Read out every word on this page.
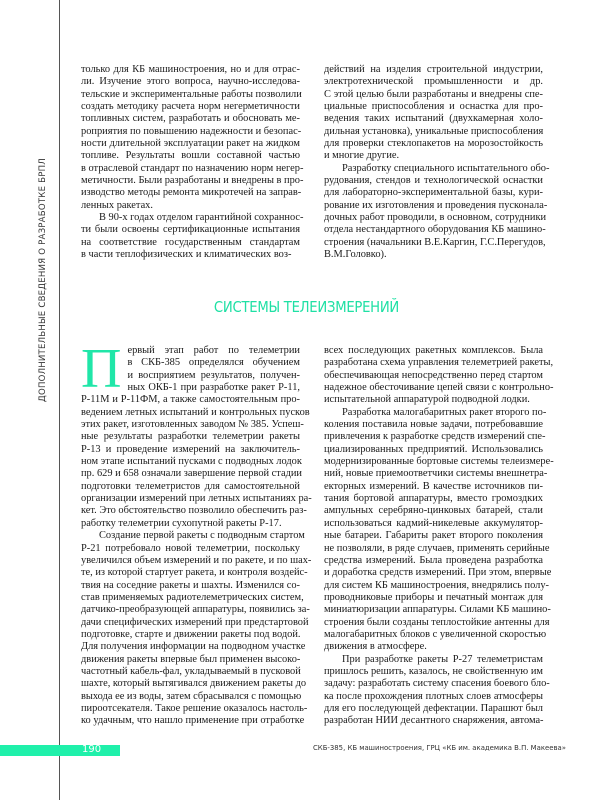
ДОПОЛНИТЕЛЬНЫЕ СВЕДЕНИЯ О РАЗРАБОТКЕ БРПЛ
только для КБ машиностроения, но и для отрас-
ли. Изучение этого вопроса, научно-исследова-
тельские и экспериментальные работы позволили
создать методику расчета норм негерметичности
топливных систем, разработать и обосновать ме-
роприятия по повышению надежности и безопас-
ности длительной эксплуатации ракет на жидком
топливе. Результаты вошли составной частью
в отраслевой стандарт по назначению норм негер-
метичности. Были разработаны и внедрены в про-
изводство методы ремонта микротечей на заправ-
ленных ракетах.
В 90-х годах отделом гарантийной сохраннос-
ти были освоены сертификационные испытания
на соответствие государственным стандартам
в части теплофизических и климатических воз-
действий на изделия строительной индустрии,
электротехнической промышленности и др.
С этой целью были разработаны и внедрены спе-
циальные приспособления и оснастка для про-
ведения таких испытаний (двухкамерная холо-
дильная установка), уникальные приспособления
для проверки стеклопакетов на морозостойкость
и многие другие.
Разработку специального испытательного обо-
рудования, стендов и технологической оснастки
для лабораторно-экспериментальной базы, кури-
рование их изготовления и проведения пусконала-
дочных работ проводили, в основном, сотрудники
отдела нестандартного оборудования КБ машино-
строения (начальники В.Е.Каргин, Г.С.Перегудов,
В.М.Головко).
СИСТЕМЫ ТЕЛЕИЗМЕРЕНИЙ
П ервый этап работ по телеметрии
в СКБ-385 определялся обучением
и восприятием результатов, получен-
ных ОКБ-1 при разработке ракет Р-11,
Р-11М и Р-11ФМ, а также самостоятельным про-
ведением летных испытаний и контрольных пусков
этих ракет, изготовленных заводом № 385. Успеш-
ные результаты разработки телеметрии ракеты
Р-13 и проведение измерений на заключитель-
ном этапе испытаний пусками с подводных лодок
пр. 629 и 658 означали завершение первой стадии
подготовки телеметристов для самостоятельной
организации измерений при летных испытаниях ра-
кет. Это обстоятельство позволило обеспечить раз-
работку телеметрии сухопутной ракеты Р-17.
Создание первой ракеты с подводным стартом
Р-21 потребовало новой телеметрии, поскольку
увеличился объем измерений и по ракете, и по шах-
те, из которой стартует ракета, и контроля воздейс-
твия на соседние ракеты и шахты. Изменился со-
став применяемых радиотелеметрических систем,
датчико-преобразующей аппаратуры, появились за-
дачи специфических измерений при предстартовой
подготовке, старте и движении ракеты под водой.
Для получения информации на подводном участке
движения ракеты впервые был применен высоко-
частотный кабель-фал, укладываемый в пусковой
шахте, который вытягивался движением ракеты до
выхода ее из воды, затем сбрасывался с помощью
пироотсекателя. Такое решение оказалось настоль-
ко удачным, что нашло применение при отработке
всех последующих ракетных комплексов. Была
разработана схема управления телеметрией ракеты,
обеспечивающая непосредственно перед стартом
надежное обесточивание цепей связи с контрольно-
испытательной аппаратурой подводной лодки.
Разработка малогабаритных ракет второго по-
коления поставила новые задачи, потребовавшие
привлечения к разработке средств измерений спе-
циализированных предприятий. Использовались
модернизированные бортовые системы телеизмере-
ний, новые приемоответчики системы внешнетра-
екторных измерений. В качестве источников пи-
тания бортовой аппаратуры, вместо громоздких
ампульных серебряно-цинковых батарей, стали
использоваться кадмий-никелевые аккумулятор-
ные батареи. Габариты ракет второго поколения
не позволяли, в ряде случаев, применять серийные
средства измерений. Была проведена разработка
и доработка средств измерений. При этом, впервые
для систем КБ машиностроения, внедрялись полу-
проводниковые приборы и печатный монтаж для
миниатюризации аппаратуры. Силами КБ машино-
строения были созданы теплостойкие антенны для
малогабаритных блоков с увеличенной скоростью
движения в атмосфере.
При разработке ракеты Р-27 телеметристам
пришлось решить, казалось, не свойственную им
задачу: разработать систему спасения боевого бло-
ка после прохождения плотных слоев атмосферы
для его последующей дефектации. Парашют был
разработан НИИ десантного снаряжения, автома-
190	СКБ-385, КБ машиностроения, ГРЦ «КБ им. академика В.П. Макеева»
